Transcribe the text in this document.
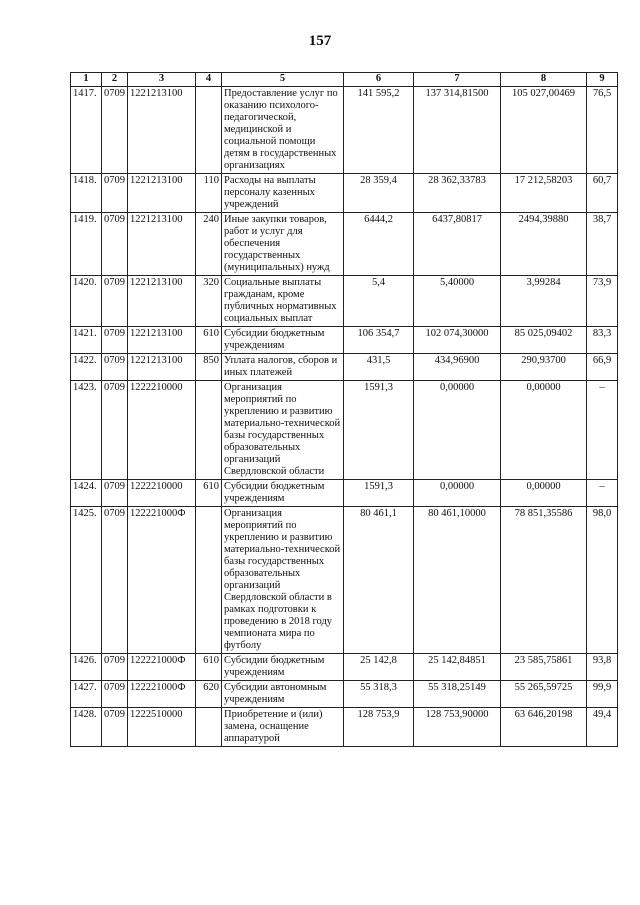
157
1	2	3	4	5	6	7	8	9
1417.	0709	1221213100		Предоставление услуг по оказанию психолого-педагогической, медицинской и социальной помощи детям в государственных организациях	141 595,2	137 314,81500	105 027,00469	76,5
1418.	0709	1221213100	110	Расходы на выплаты персоналу казенных учреждений	28 359,4	28 362,33783	17 212,58203	60,7
1419.	0709	1221213100	240	Иные закупки товаров, работ и услуг для обеспечения государственных (муниципальных) нужд	6444,2	6437,80817	2494,39880	38,7
1420.	0709	1221213100	320	Социальные выплаты гражданам, кроме публичных нормативных социальных выплат	5,4	5,40000	3,99284	73,9
1421.	0709	1221213100	610	Субсидии бюджетным учреждениям	106 354,7	102 074,30000	85 025,09402	83,3
1422.	0709	1221213100	850	Уплата налогов, сборов и иных платежей	431,5	434,96900	290,93700	66,9
1423.	0709	1222210000		Организация мероприятий по укреплению и развитию материально-технической базы государственных образовательных организаций Свердловской области	1591,3	0,00000	0,00000	–
1424.	0709	1222210000	610	Субсидии бюджетным учреждениям	1591,3	0,00000	0,00000	–
1425.	0709	122221000Ф		Организация мероприятий по укреплению и развитию материально-технической базы государственных образовательных организаций Свердловской области в рамках подготовки к проведению в 2018 году чемпионата мира по футболу	80 461,1	80 461,10000	78 851,35586	98,0
1426.	0709	122221000Ф	610	Субсидии бюджетным учреждениям	25 142,8	25 142,84851	23 585,75861	93,8
1427.	0709	122221000Ф	620	Субсидии автономным учреждениям	55 318,3	55 318,25149	55 265,59725	99,9
1428.	0709	1222510000		Приобретение и (или) замена, оснащение аппаратурой	128 753,9	128 753,90000	63 646,20198	49,4
